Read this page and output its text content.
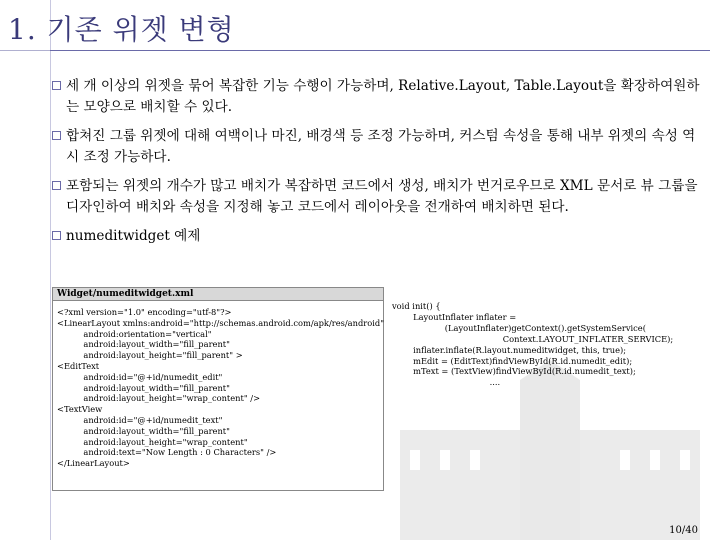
1. 기존 위젯 변형
세 개 이상의 위젯을 묶어 복잡한 기능 수행이 가능하며, Relative.Layout, Table.Layout을 확장하여원하는 모양으로 배치할 수 있다.
합쳐진 그룹 위젯에 대해 여백이나 마진, 배경색 등 조정 가능하며, 커스텀 속성을 통해 내부 위젯의 속성 역시 조정 가능하다.
포함되는 위젯의 개수가 많고 배치가 복잡하면 코드에서 생성, 배치가 번거로우므로 XML 문서로 뷰 그룹을 디자인하여 배치와 속성을 지정해 놓고 코드에서 레이아웃을 전개하여 배치하면 된다.
numeditwidget 예제
Widget/numeditwidget.xml
<?xml version="1.0" encoding="utf-8"?>
<LinearLayout xmlns:android="http://schemas.android.com/apk/res/android"
android:orientation="vertical"
android:layout_width="fill_parent"
android:layout_height="fill_parent" >
<EditText
android:id="@+id/numedit_edit"
android:layout_width="fill_parent"
android:layout_height="wrap_content" />
<TextView
android:id="@+id/numedit_text"
android:layout_width="fill_parent"
android:layout_height="wrap_content"
android:text="Now Length : 0 Characters" />
</LinearLayout>
void init() {
LayoutInflater inflater =
(LayoutInflater)getContext().getSystemService(
Context.LAYOUT_INFLATER_SERVICE);
inflater.inflate(R.layout.numeditwidget, this, true);
mEdit = (EditText)findViewById(R.id.numedit_edit);
mText = (TextView)findViewById(R.id.numedit_text);
....
10/40
